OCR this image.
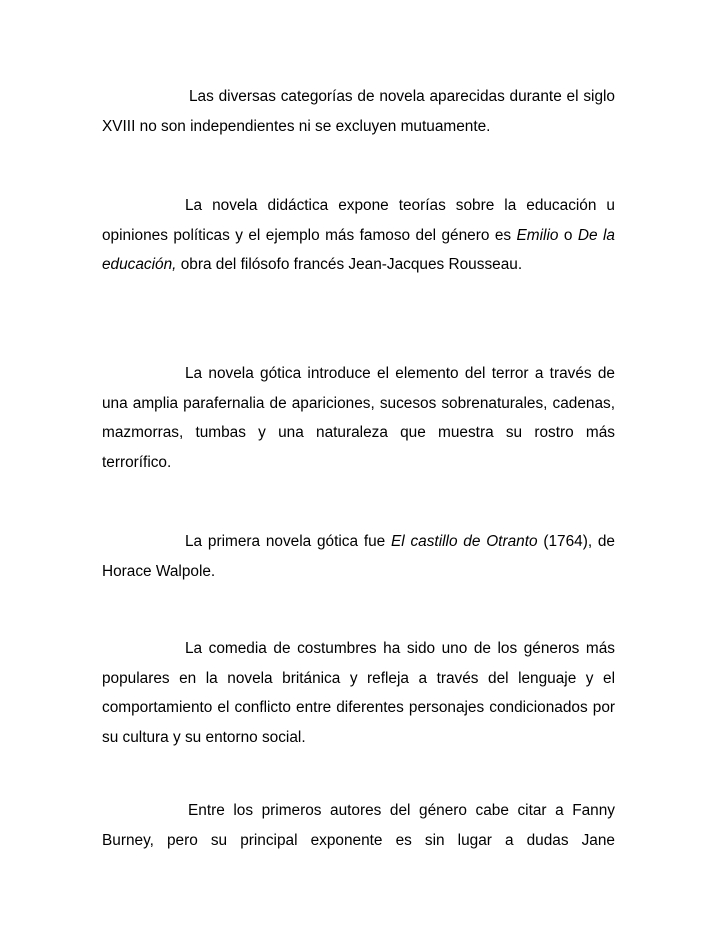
Las diversas categorías de novela aparecidas durante el siglo XVIII no son independientes ni se excluyen mutuamente.

La novela didáctica expone teorías sobre la educación u opiniones políticas y el ejemplo más famoso del género es Emilio o De la educación, obra del filósofo francés Jean-Jacques Rousseau.

La novela gótica introduce el elemento del terror a través de una amplia parafernalia de apariciones, sucesos sobrenaturales, cadenas, mazmorras, tumbas y una naturaleza que muestra su rostro más terrorífico.

La primera novela gótica fue El castillo de Otranto (1764), de Horace Walpole.

La comedia de costumbres ha sido uno de los géneros más populares en la novela británica y refleja a través del lenguaje y el comportamiento el conflicto entre diferentes personajes condicionados por su cultura y su entorno social.

Entre los primeros autores del género cabe citar a Fanny Burney, pero su principal exponente es sin lugar a dudas Jane
